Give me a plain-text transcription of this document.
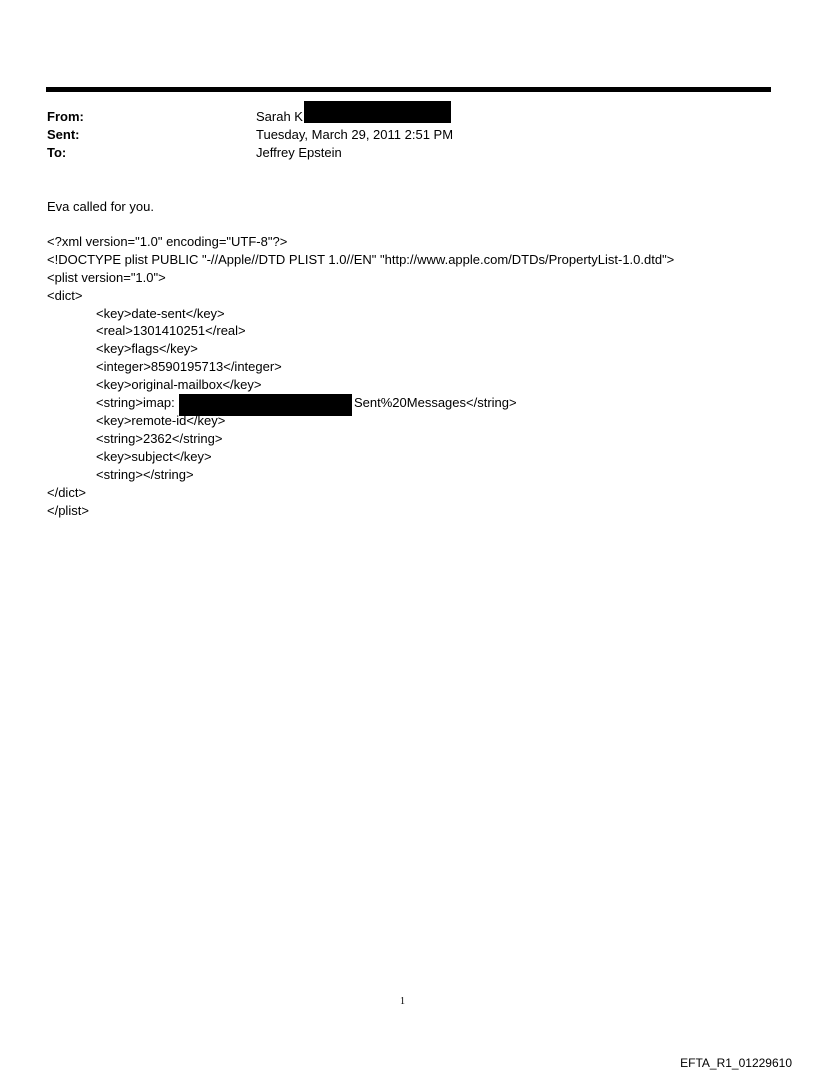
From:	Sarah K
Sent:	Tuesday, March 29, 2011 2:51 PM
To:	Jeffrey Epstein
Eva called for you.
<?xml version="1.0" encoding="UTF-8"?>
<!DOCTYPE plist PUBLIC "-//Apple//DTD PLIST 1.0//EN" "http://www.apple.com/DTDs/PropertyList-1.0.dtd">
<plist version="1.0">
<dict>
<key>date-sent</key>
<real>1301410251</real>
<key>flags</key>
<integer>8590195713</integer>
<key>original-mailbox</key>
<string>imap:	Sent%20Messages</string>
<key>remote-id</key>
<string>2362</string>
<key>subject</key>
<string></string>
</dict>
</plist>
1
EFTA_R1_01229610
